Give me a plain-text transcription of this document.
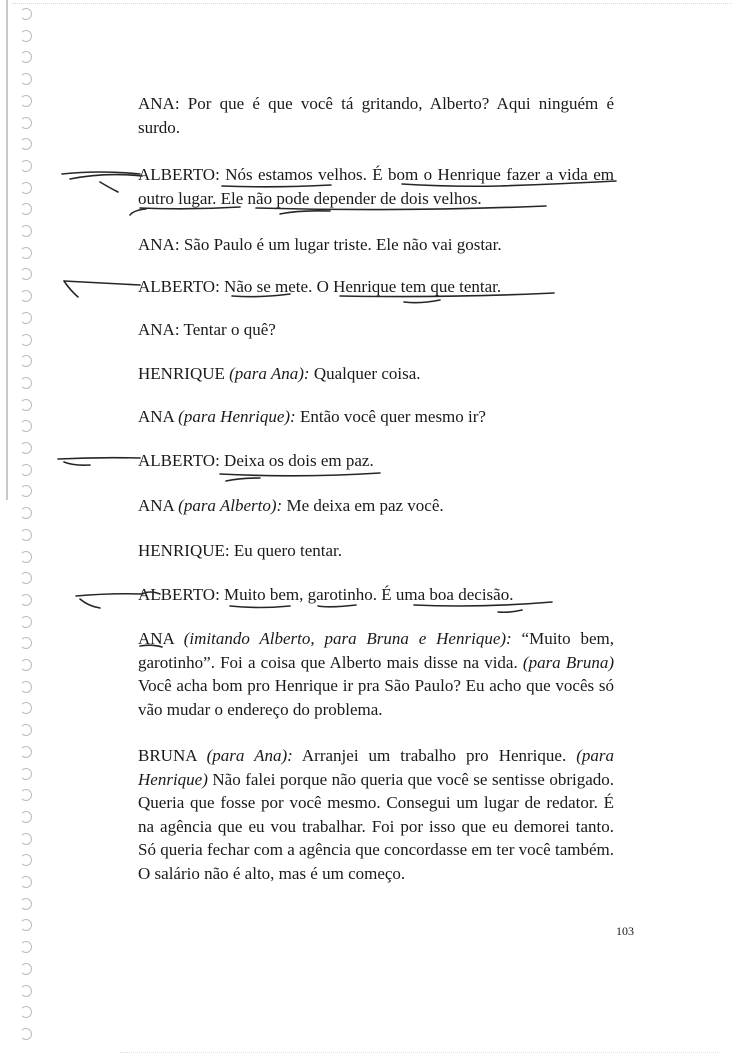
ANA: Por que é que você tá gritando, Alberto? Aqui ninguém é surdo.

ALBERTO: Nós estamos velhos. É bom o Henrique fazer a vida em outro lugar. Ele não pode depender de dois velhos.

ANA: São Paulo é um lugar triste. Ele não vai gostar.

ALBERTO: Não se mete. O Henrique tem que tentar.

ANA: Tentar o quê?

HENRIQUE (para Ana): Qualquer coisa.

ANA (para Henrique): Então você quer mesmo ir?

ALBERTO: Deixa os dois em paz.

ANA (para Alberto): Me deixa em paz você.

HENRIQUE: Eu quero tentar.

ALBERTO: Muito bem, garotinho. É uma boa decisão.

ANA (imitando Alberto, para Bruna e Henrique): “Muito bem, garotinho”. Foi a coisa que Alberto mais disse na vida. (para Bruna) Você acha bom pro Henrique ir pra São Paulo? Eu acho que vocês só vão mudar o endereço do problema.

BRUNA (para Ana): Arranjei um trabalho pro Henrique. (para Henrique) Não falei porque não queria que você se sentisse obrigado. Queria que fosse por você mesmo. Consegui um lugar de redator. É na agência que eu vou trabalhar. Foi por isso que eu demorei tanto. Só queria fechar com a agência que concordasse em ter você também. O salário não é alto, mas é um começo.

103
